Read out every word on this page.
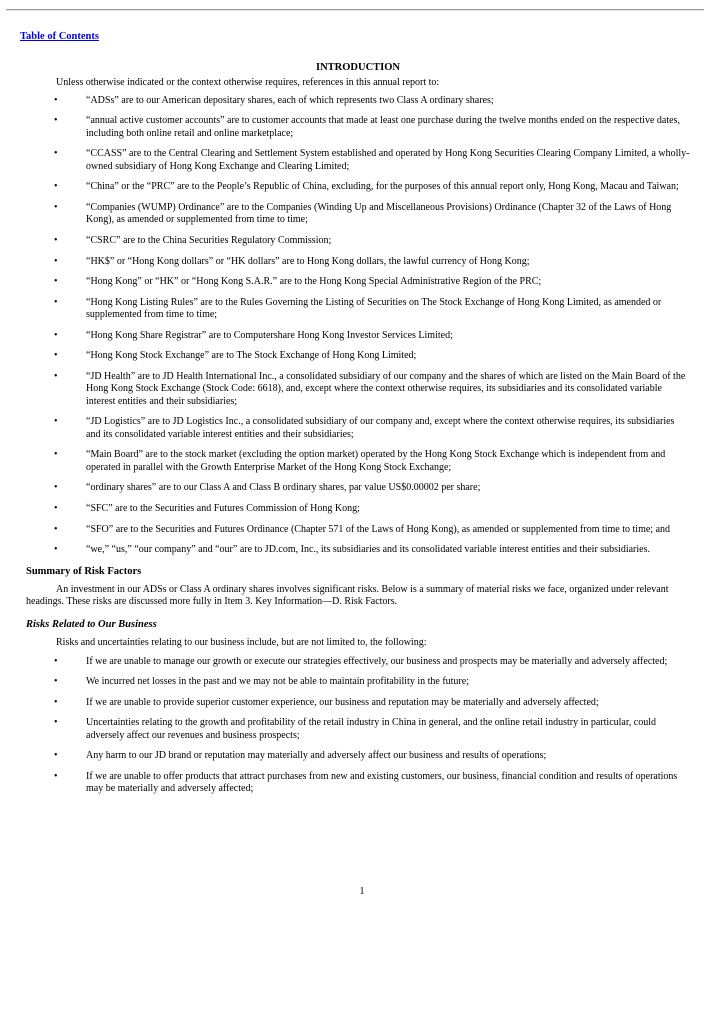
Table of Contents
INTRODUCTION

Unless otherwise indicated or the context otherwise requires, references in this annual report to:

•	“ADSs” are to our American depositary shares, each of which represents two Class A ordinary shares;
•	“annual active customer accounts” are to customer accounts that made at least one purchase during the twelve months ended on the respective dates, including both online retail and online marketplace;
•	“CCASS” are to the Central Clearing and Settlement System established and operated by Hong Kong Securities Clearing Company Limited, a wholly-owned subsidiary of Hong Kong Exchange and Clearing Limited;
•	“China” or the “PRC” are to the People’s Republic of China, excluding, for the purposes of this annual report only, Hong Kong, Macau and Taiwan;
•	“Companies (WUMP) Ordinance” are to the Companies (Winding Up and Miscellaneous Provisions) Ordinance (Chapter 32 of the Laws of Hong Kong), as amended or supplemented from time to time;
•	“CSRC” are to the China Securities Regulatory Commission;
•	“HK$” or “Hong Kong dollars” or “HK dollars” are to Hong Kong dollars, the lawful currency of Hong Kong;
•	“Hong Kong” or “HK” or “Hong Kong S.A.R.” are to the Hong Kong Special Administrative Region of the PRC;
•	“Hong Kong Listing Rules” are to the Rules Governing the Listing of Securities on The Stock Exchange of Hong Kong Limited, as amended or supplemented from time to time;
•	“Hong Kong Share Registrar” are to Computershare Hong Kong Investor Services Limited;
•	“Hong Kong Stock Exchange” are to The Stock Exchange of Hong Kong Limited;
•	“JD Health” are to JD Health International Inc., a consolidated subsidiary of our company and the shares of which are listed on the Main Board of the Hong Kong Stock Exchange (Stock Code: 6618), and, except where the context otherwise requires, its subsidiaries and its consolidated variable interest entities and their subsidiaries;
•	“JD Logistics” are to JD Logistics Inc., a consolidated subsidiary of our company and, except where the context otherwise requires, its subsidiaries and its consolidated variable interest entities and their subsidiaries;
•	“Main Board” are to the stock market (excluding the option market) operated by the Hong Kong Stock Exchange which is independent from and operated in parallel with the Growth Enterprise Market of the Hong Kong Stock Exchange;
•	“ordinary shares” are to our Class A and Class B ordinary shares, par value US$0.00002 per share;
•	“SFC” are to the Securities and Futures Commission of Hong Kong;
•	“SFO” are to the Securities and Futures Ordinance (Chapter 571 of the Laws of Hong Kong), as amended or supplemented from time to time; and
•	“we,” “us,” “our company” and “our” are to JD.com, Inc., its subsidiaries and its consolidated variable interest entities and their subsidiaries.
Summary of Risk Factors

An investment in our ADSs or Class A ordinary shares involves significant risks. Below is a summary of material risks we face, organized under relevant headings. These risks are discussed more fully in Item 3. Key Information—D. Risk Factors.

Risks Related to Our Business

Risks and uncertainties relating to our business include, but are not limited to, the following:

•	If we are unable to manage our growth or execute our strategies effectively, our business and prospects may be materially and adversely affected;
•	We incurred net losses in the past and we may not be able to maintain profitability in the future;
•	If we are unable to provide superior customer experience, our business and reputation may be materially and adversely affected;
•	Uncertainties relating to the growth and profitability of the retail industry in China in general, and the online retail industry in particular, could adversely affect our revenues and business prospects;
•	Any harm to our JD brand or reputation may materially and adversely affect our business and results of operations;
•	If we are unable to offer products that attract purchases from new and existing customers, our business, financial condition and results of operations may be materially and adversely affected;
1
